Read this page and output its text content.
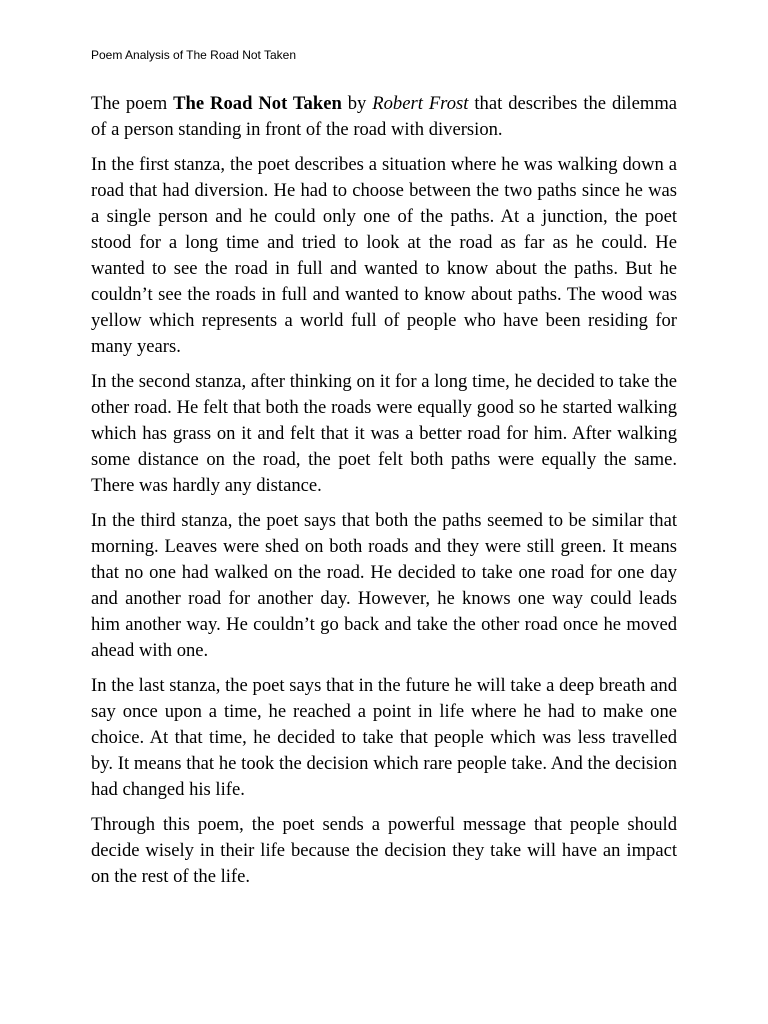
Poem Analysis of The Road Not Taken

The poem The Road Not Taken by Robert Frost that describes the dilemma of a person standing in front of the road with diversion.

In the first stanza, the poet describes a situation where he was walking down a road that had diversion. He had to choose between the two paths since he was a single person and he could only one of the paths. At a junction, the poet stood for a long time and tried to look at the road as far as he could. He wanted to see the road in full and wanted to know about the paths. But he couldn’t see the roads in full and wanted to know about paths. The wood was yellow which represents a world full of people who have been residing for many years.

In the second stanza, after thinking on it for a long time, he decided to take the other road. He felt that both the roads were equally good so he started walking which has grass on it and felt that it was a better road for him. After walking some distance on the road, the poet felt both paths were equally the same. There was hardly any distance.

In the third stanza, the poet says that both the paths seemed to be similar that morning. Leaves were shed on both roads and they were still green. It means that no one had walked on the road. He decided to take one road for one day and another road for another day. However, he knows one way could leads him another way. He couldn’t go back and take the other road once he moved ahead with one.

In the last stanza, the poet says that in the future he will take a deep breath and say once upon a time, he reached a point in life where he had to make one choice. At that time, he decided to take that people which was less travelled by. It means that he took the decision which rare people take. And the decision had changed his life.

Through this poem, the poet sends a powerful message that people should decide wisely in their life because the decision they take will have an impact on the rest of the life.
